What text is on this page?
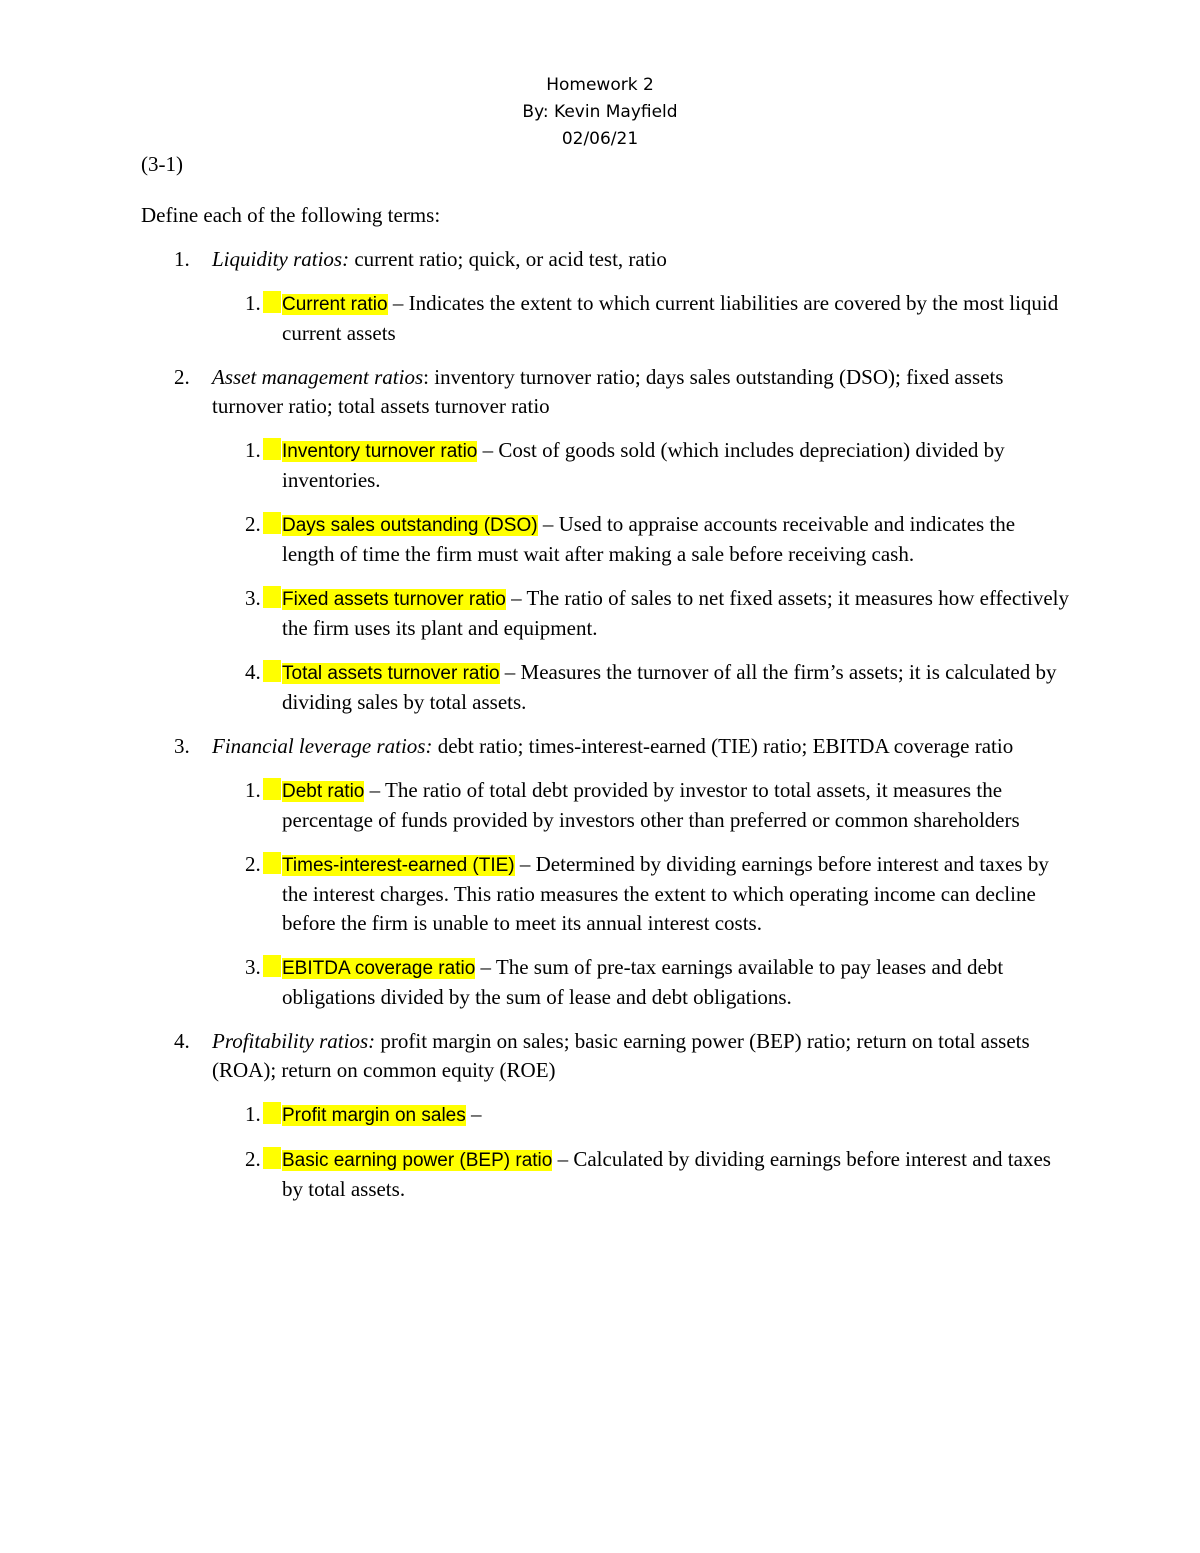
Homework 2
By: Kevin Mayfield
02/06/21
(3-1)
Define each of the following terms:
1. Liquidity ratios: current ratio; quick, or acid test, ratio
1.	Current ratio – Indicates the extent to which current liabilities are covered by the most liquid current assets
2. Asset management ratios: inventory turnover ratio; days sales outstanding (DSO); fixed assets turnover ratio; total assets turnover ratio
1.	Inventory turnover ratio – Cost of goods sold (which includes depreciation) divided by inventories.
2.	Days sales outstanding (DSO) – Used to appraise accounts receivable and indicates the length of time the firm must wait after making a sale before receiving cash.
3.	Fixed assets turnover ratio – The ratio of sales to net fixed assets; it measures how effectively the firm uses its plant and equipment.
4.	Total assets turnover ratio – Measures the turnover of all the firm’s assets; it is calculated by dividing sales by total assets.
3. Financial leverage ratios: debt ratio; times-interest-earned (TIE) ratio; EBITDA coverage ratio
1.	Debt ratio – The ratio of total debt provided by investor to total assets, it measures the percentage of funds provided by investors other than preferred or common shareholders
2.	Times-interest-earned (TIE) – Determined by dividing earnings before interest and taxes by the interest charges. This ratio measures the extent to which operating income can decline before the firm is unable to meet its annual interest costs.
3.	EBITDA coverage ratio – The sum of pre-tax earnings available to pay leases and debt obligations divided by the sum of lease and debt obligations.
4. Profitability ratios: profit margin on sales; basic earning power (BEP) ratio; return on total assets (ROA); return on common equity (ROE)
1.	Profit margin on sales –
2.	Basic earning power (BEP) ratio – Calculated by dividing earnings before interest and taxes by total assets.
